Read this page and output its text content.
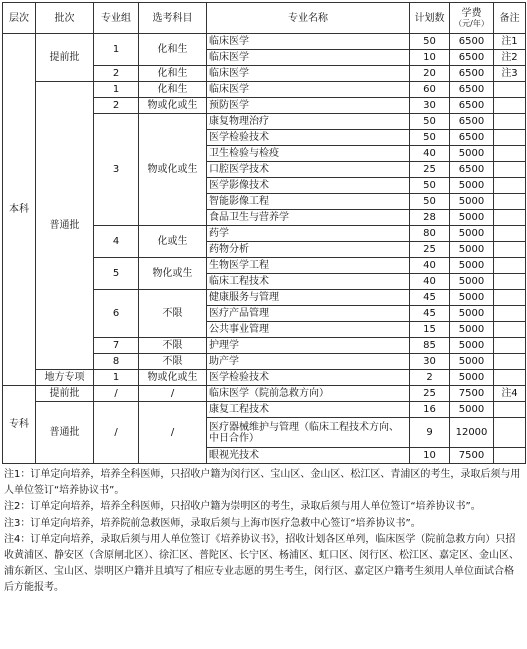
层次	批次	专业组	选考科目	专业名称	计划数	学费
（元/年）	备注
本科	提前批	1	化和生	临床医学	50	6500	注1
				临床医学	10	6500	注2
		2	化和生	临床医学	20	6500	注3
	普通批	1	化和生	临床医学	60	6500	
		2	物或化或生	预防医学	30	6500	
		3	物或化或生	康复物理治疗	50	6500	
				医学检验技术	50	6500	
				卫生检验与检疫	40	5000	
				口腔医学技术	25	6500	
				医学影像技术	50	5000	
				智能影像工程	50	5000	
				食品卫生与营养学	28	5000	
		4	化或生	药学	80	5000	
				药物分析	25	5000	
		5	物化或生	生物医学工程	40	5000	
				临床工程技术	40	5000	
		6	不限	健康服务与管理	45	5000	
				医疗产品管理	45	5000	
				公共事业管理	15	5000	
		7	不限	护理学	85	5000	
		8	不限	助产学	30	5000	
	地方专项	1	物或化或生	医学检验技术	2	5000	
专科	提前批	/	/	临床医学（院前急救方向）	25	7500	注4
	普通批	/	/	康复工程技术	16	5000	
				医疗器械维护与管理（临床工程技术方向、中日合作）	9	12000	
				眼视光技术	10	7500	

注1：订单定向培养，培养全科医师，只招收户籍为闵行区、宝山区、金山区、松江区、青浦区的考生，录取后须与用人单位签订“培养协议书”。

注2：订单定向培养，培养全科医师，只招收户籍为崇明区的考生，录取后须与用人单位签订“培养协议书”。

注3：订单定向培养，培养院前急救医师，录取后须与上海市医疗急救中心签订“培养协议书”。

注4：订单定向培养，录取后须与用人单位签订《培养协议书》，招收计划各区单列，临床医学（院前急救方向）只招收黄浦区、静安区（含原闸北区）、徐汇区、普陀区、长宁区、杨浦区、虹口区、闵行区、松江区、嘉定区、金山区、浦东新区、宝山区、崇明区户籍并且填写了相应专业志愿的男生考生，闵行区、嘉定区户籍考生须用人单位面试合格后方能报考。
